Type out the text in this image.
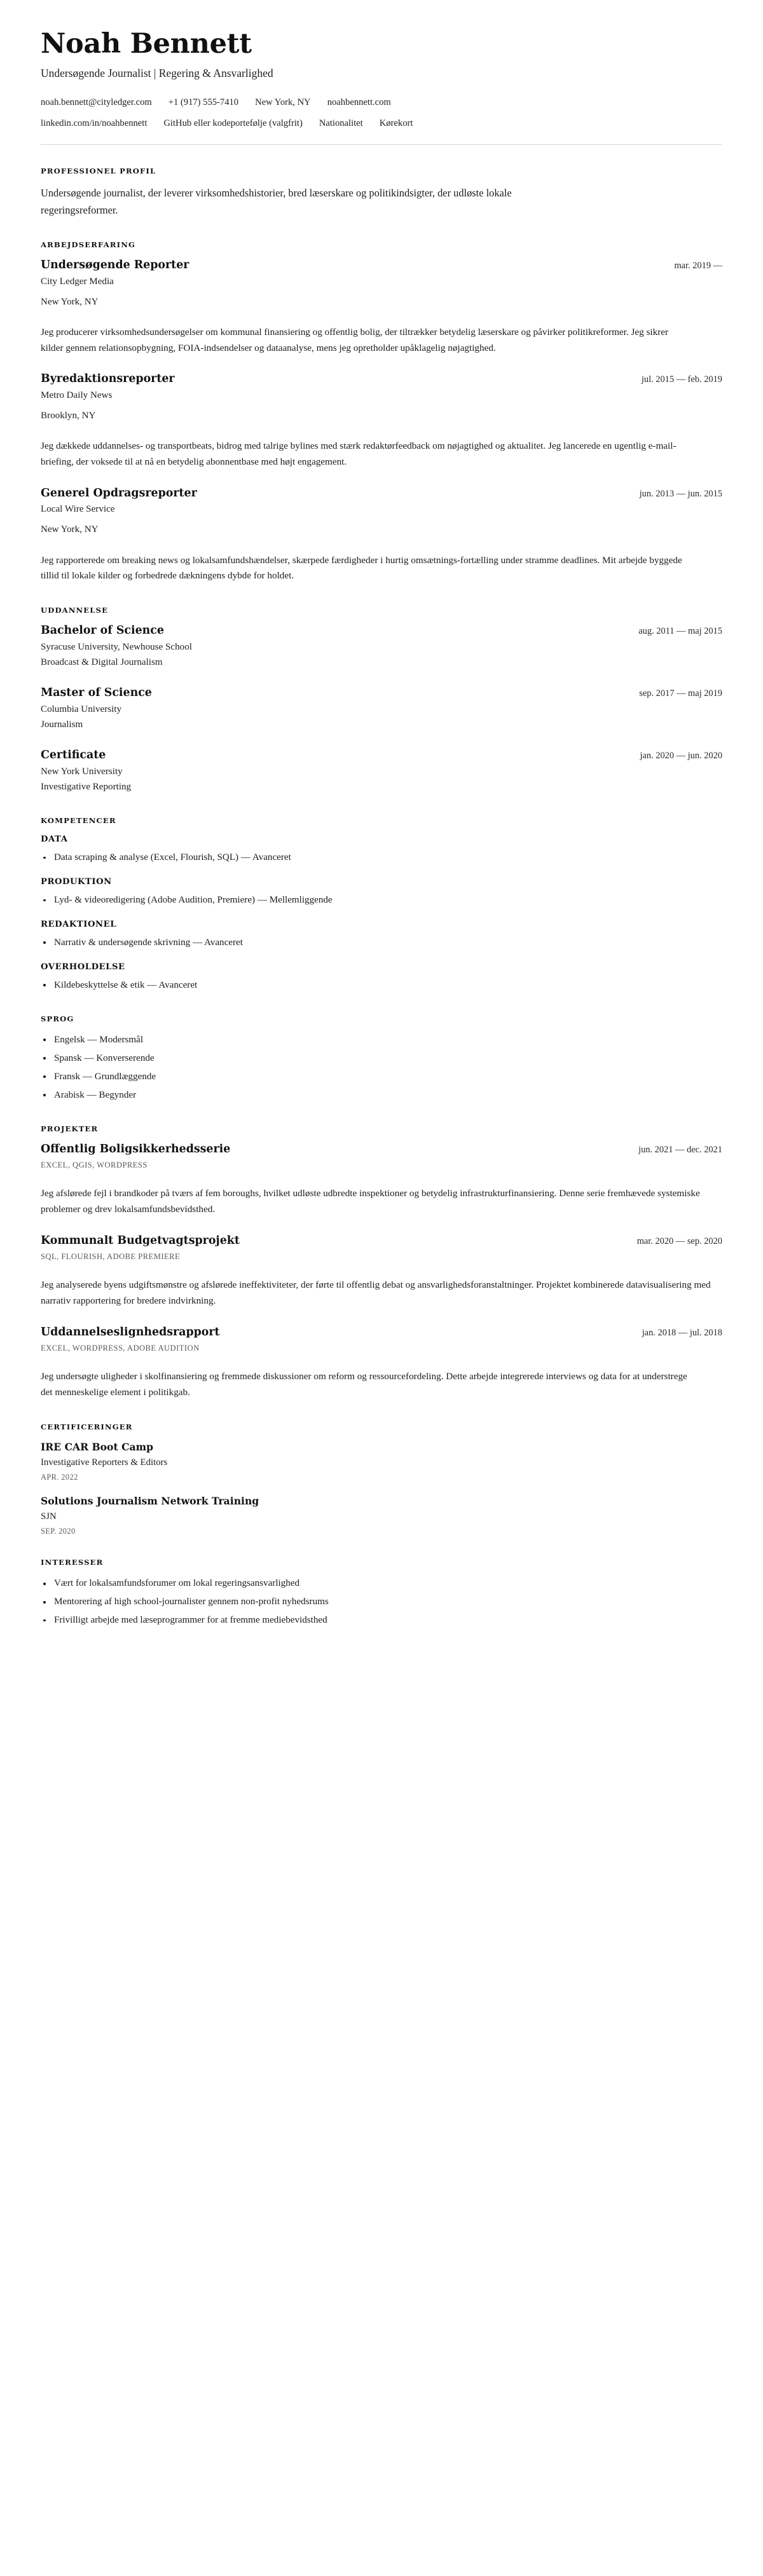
Noah Bennett

Undersøgende Journalist | Regering & Ansvarlighed

noah.bennett@cityledger.com +1 (917) 555-7410 New York, NY noahbennett.com
linkedin.com/in/noahbennett GitHub eller kodeportefølje (valgfrit) Nationalitet Kørekort
PROFESSIONEL PROFIL

Undersøgende journalist, der leverer virksomhedshistorier, bred læserskare og politikindsigter, der udløste lokale regeringsreformer.

ARBEJDSERFARING
Undersøgende Reporter	mar. 2019 —

City Ledger Media

New York, NY

Jeg producerer virksomhedsundersøgelser om kommunal finansiering og offentlig bolig, der tiltrækker betydelig læserskare og påvirker politikreformer. Jeg sikrer kilder gennem relationsopbygning, FOIA-indsendelser og dataanalyse, mens jeg opretholder upåklagelig nøjagtighed.

Byredaktionsreporter	jul. 2015 — feb. 2019

Metro Daily News

Brooklyn, NY

Jeg dækkede uddannelses- og transportbeats, bidrog med talrige bylines med stærk redaktørfeedback om nøjagtighed og aktualitet. Jeg lancerede en ugentlig e-mail-briefing, der voksede til at nå en betydelig abonnentbase med højt engagement.

Generel Opdragsreporter	jun. 2013 — jun. 2015

Local Wire Service

New York, NY

Jeg rapporterede om breaking news og lokalsamfundshændelser, skærpede færdigheder i hurtig omsætnings-fortælling under stramme deadlines. Mit arbejde byggede tillid til lokale kilder og forbedrede dækningens dybde for holdet.

UDDANNELSE
Bachelor of Science	aug. 2011 — maj 2015

Syracuse University, Newhouse School

Broadcast & Digital Journalism

Master of Science	sep. 2017 — maj 2019

Columbia University

Journalism

Certificate	jan. 2020 — jun. 2020

New York University

Investigative Reporting

KOMPETENCER
DATA
Data scraping & analyse (Excel, Flourish, SQL) — Avanceret
PRODUKTION
Lyd- & videoredigering (Adobe Audition, Premiere) — Mellemliggende
REDAKTIONEL
Narrativ & undersøgende skrivning — Avanceret
OVERHOLDELSE
Kildebeskyttelse & etik — Avanceret
SPROG
Engelsk — Modersmål
Spansk — Konverserende
Fransk — Grundlæggende
Arabisk — Begynder
PROJEKTER
Offentlig Boligsikkerhedsserie	jun. 2021 — dec. 2021

EXCEL, QGIS, WORDPRESS

Jeg afslørede fejl i brandkoder på tværs af fem boroughs, hvilket udløste udbredte inspektioner og betydelig infrastrukturfinansiering. Denne serie fremhævede systemiske problemer og drev lokalsamfundsbevidsthed.

Kommunalt Budgetvagtsprojekt	mar. 2020 — sep. 2020

SQL, FLOURISH, ADOBE PREMIERE

Jeg analyserede byens udgiftsmønstre og afslørede ineffektiviteter, der førte til offentlig debat og ansvarlighedsforanstaltninger. Projektet kombinerede datavisualisering med narrativ rapportering for bredere indvirkning.

Uddannelseslignhedsrapport	jan. 2018 — jul. 2018

EXCEL, WORDPRESS, ADOBE AUDITION

Jeg undersøgte uligheder i skolfinansiering og fremmede diskussioner om reform og ressourcefordeling. Dette arbejde integrerede interviews og data for at understrege det menneskelige element i politikgab.

CERTIFICERINGER
IRE CAR Boot Camp

Investigative Reporters & Editors

APR. 2022

Solutions Journalism Network Training

SJN

SEP. 2020

INTERESSER
Vært for lokalsamfundsforumer om lokal regeringsansvarlighed
Mentorering af high school-journalister gennem non-profit nyhedsrums
Frivilligt arbejde med læseprogrammer for at fremme mediebevidsthed
